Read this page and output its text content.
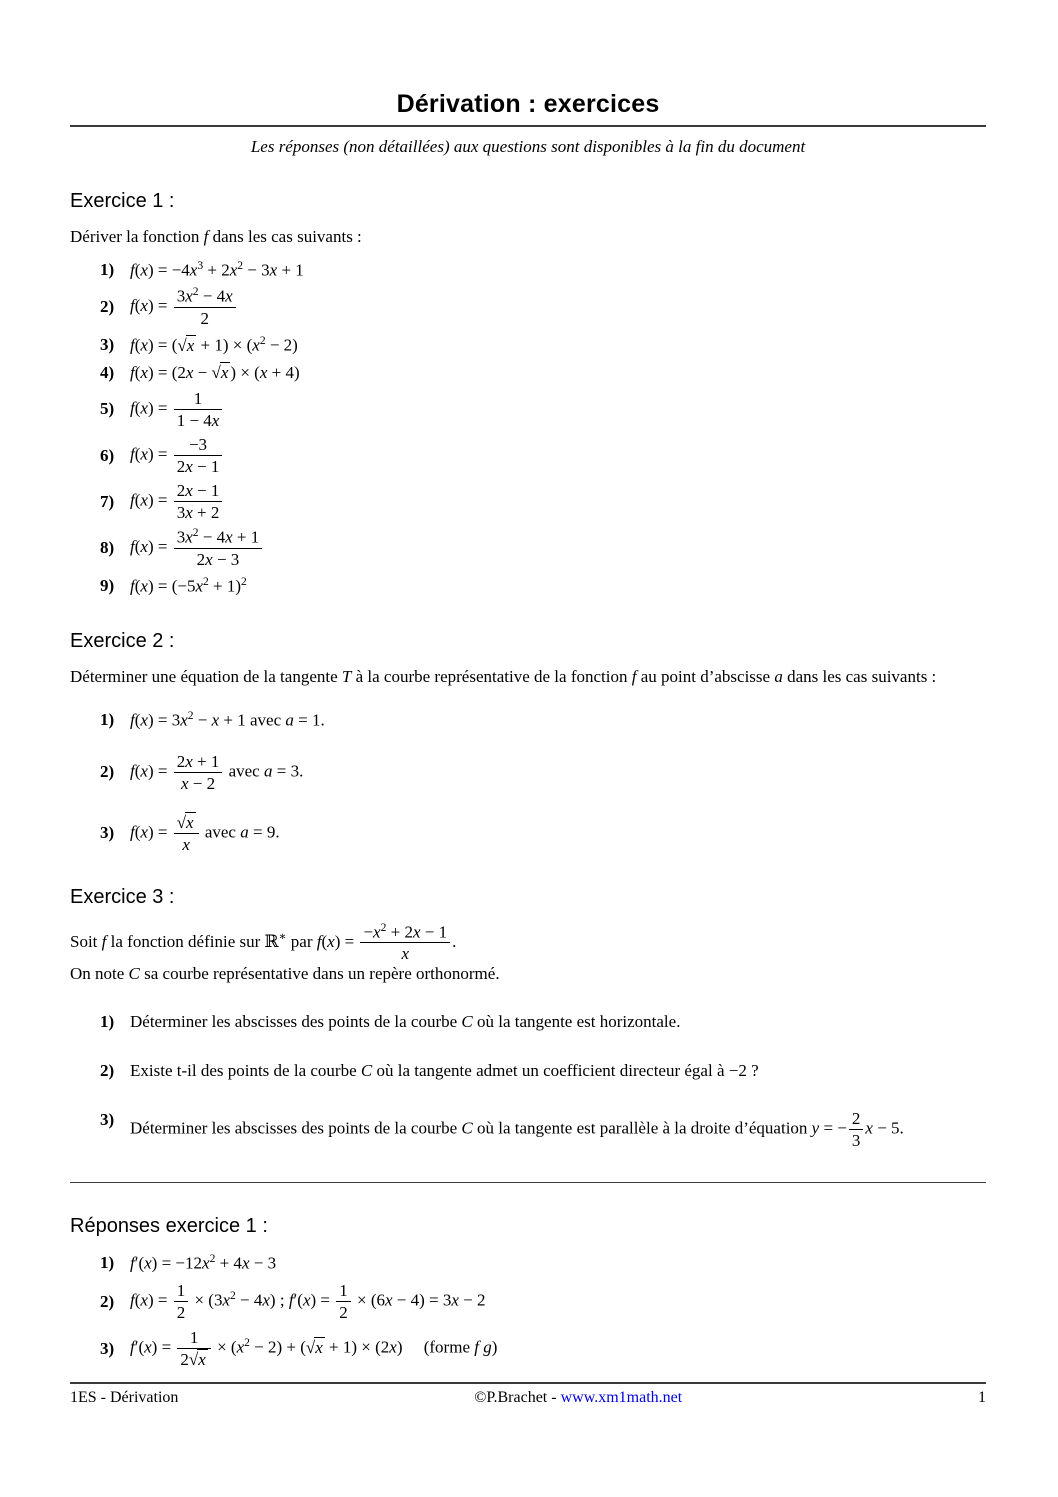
Dérivation : exercices

Les réponses (non détaillées) aux questions sont disponibles à la fin du document

Exercice 1 :

Dériver la fonction f dans les cas suivants :

1) $f(x) = -4x^3 + 2x^2 - 3x + 1$
2) $f(x) = \frac{3x^2 - 4x}{2}$
3) $f(x) = (√x + 1) \times (x^2 - 2)$
4) f(x) = (2x − √x ) × (x + 4)
5) $f(x) = \frac{1}{1 - 4x}$
6) $f(x) = \frac{-3}{2x - 1}$
7) $f(x) = \frac{2x - 1}{3x + 2}$
8) $f(x) = \frac{3x^2 - 4x + 1}{2x - 3}$
9) $f(x) = (-5x^2 + 1)^2$
Exercice 2 :

Déterminer une équation de la tangente T à la courbe représentative de la fonction f au point d’abscisse a dans les cas suivants :

1) $f(x) = 3x^2 - x + 1$ avec a = 1.
2) $f(x) = \frac{2x + 1}{x - 2}$ avec a = 3.
3) $f(x) = \frac{√x}{x}$ avec a = 9.
Exercice 3 :

Soit f la fonction définie sur ℝ∗ par $f(x) = \frac{-x^2 + 2x - 1}{x}$ .

On note C sa courbe représentative dans un repère orthonormé.

1) Déterminer les abscisses des points de la courbe C où la tangente est horizontale.
2) Existe t-il des points de la courbe C où la tangente admet un coefficient directeur égal à −2 ?
3) Déterminer les abscisses des points de la courbe C où la tangente est parallèle à la droite d’équation y = − $\frac{2}{3}$ x − 5.
Réponses exercice 1 :
1) $f'(x) = -12x^2 + 4x - 3$
2) $f(x) = \frac{1}{2} \times (3x^2 - 4x)$ ; $f'(x) = \frac{1}{2} \times (6x - 4) = 3x - 2$
3) $f'(x) = \frac{1}{2√x} \times (x^2 - 2) + (√x + 1) \times (2x)$     (forme f g)
1ES - Dérivation	©P.Brachet - www.xm1math.net	1
